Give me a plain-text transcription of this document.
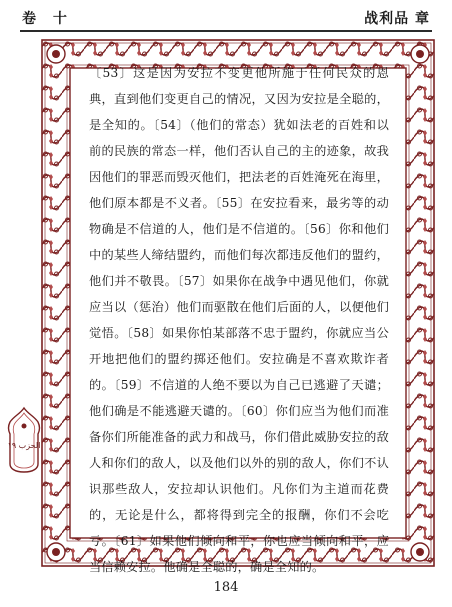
卷 十	战利品 章

〔53〕这是因为安拉不变更他所施于任何民众的恩典，直到他们变更自己的情况，又因为安拉是全聪的，是全知的。〔54〕（他们的常态）犹如法老的百姓和以前的民族的常态一样，他们否认自己的主的迹象，故我因他们的罪恶而毁灭他们，把法老的百姓淹死在海里，他们原本都是不义者。〔55〕在安拉看来，最劣等的动物确是不信道的人，他们是不信道的。〔56〕你和他们中的某些人缔结盟约，而他们每次都违反他们的盟约，他们并不敬畏。〔57〕如果你在战争中遇见他们，你就应当以（惩治）他们而驱散在他们后面的人，以便他们觉悟。〔58〕如果你怕某部落不忠于盟约，你就应当公开地把他们的盟约掷还他们。安拉确是不喜欢欺诈者的。〔59〕不信道的人绝不要以为自己已逃避了天谴；他们确是不能逃避天谴的。〔60〕你们应当为他们而准备你们所能准备的武力和战马，你们借此威胁安拉的敌人和你们的敌人，以及他们以外的别的敌人，你们不认识那些敌人，安拉却认识他们。凡你们为主道而花费的，无论是什么，都将得到完全的报酬，你们不会吃亏。〔61〕如果他们倾向和平，你也应当倾向和平，应当信赖安拉。他确是全聪的，确是全知的。

الحزب ١٩
184
